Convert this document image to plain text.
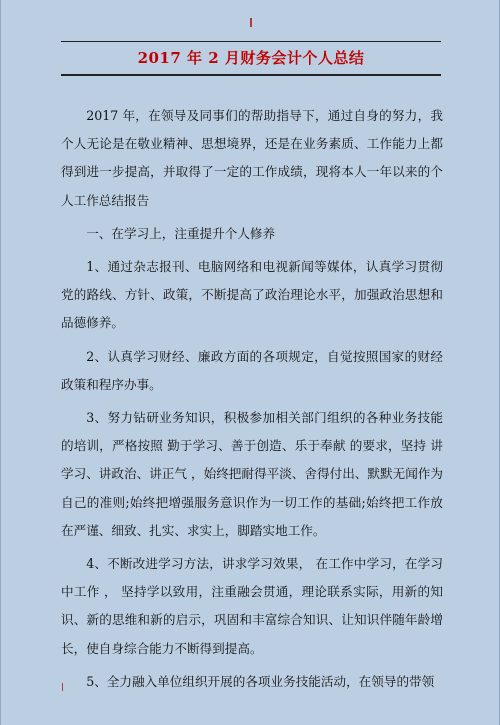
2017 年 2 月财务会计个人总结

2017 年，在领导及同事们的帮助指导下，通过自身的努力，我个人无论是在敬业精神、思想境界，还是在业务素质、工作能力上都得到进一步提高，并取得了一定的工作成绩，现将本人一年以来的个人工作总结报告

一、在学习上，注重提升个人修养

1、通过杂志报刊、电脑网络和电视新闻等媒体，认真学习贯彻党的路线、方针、政策，不断提高了政治理论水平，加强政治思想和品德修养。

2、认真学习财经、廉政方面的各项规定，自觉按照国家的财经政策和程序办事。

3、努力钻研业务知识，积极参加相关部门组织的各种业务技能的培训，严格按照 勤于学习、善于创造、乐于奉献 的要求，坚持 讲学习、讲政治、讲正气 ，始终把耐得平淡、舍得付出、默默无闻作为自己的准则;始终把增强服务意识作为一切工作的基础;始终把工作放在严谨、细致、扎实、求实上，脚踏实地工作。

4、不断改进学习方法，讲求学习效果， 在工作中学习，在学习中工作 ， 坚持学以致用，注重融会贯通，理论联系实际，用新的知识、新的思维和新的启示，巩固和丰富综合知识、让知识伴随年龄增长，使自身综合能力不断得到提高。

5、全力融入单位组织开展的各项业务技能活动，在领导的带领
